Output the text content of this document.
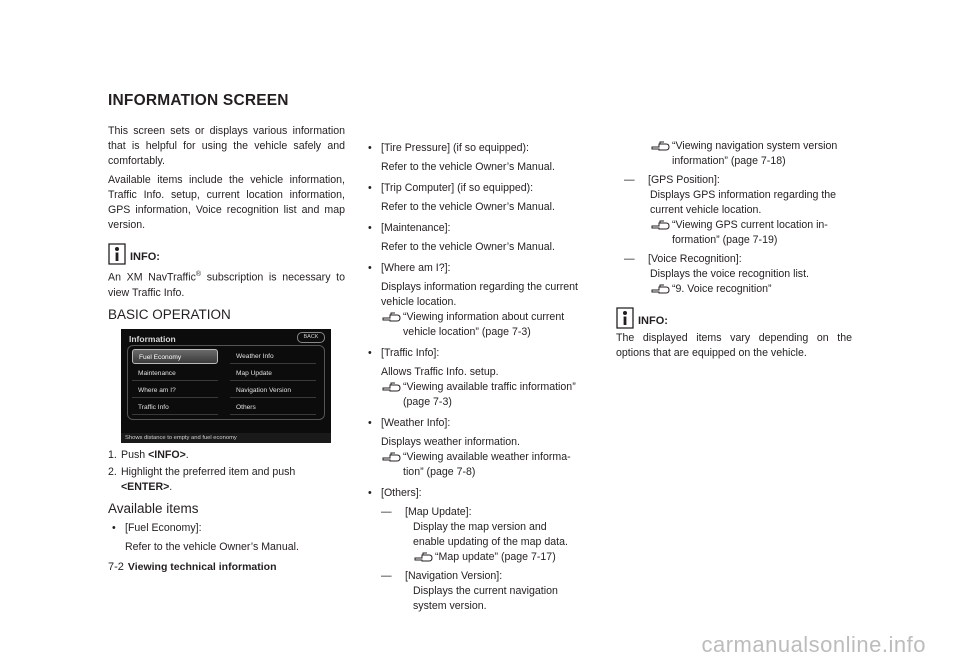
INFORMATION SCREEN

This screen sets or displays various information that is helpful for using the vehicle safely and comfortably.

Available items include the vehicle information, Traffic Info. setup, current location information, GPS information, Voice recognition list and map version.

INFO:

An XM NavTraffic® subscription is necessary to view Traffic Info.

BASIC OPERATION
Information	BACK
Fuel Economy
Maintenance
Where am I?
Traffic Info
Weather Info
Map Update
Navigation Version
Others
Shows distance to empty and fuel economy
1. Push <INFO>.
2. Highlight the preferred item and push
<ENTER>.
Available items
• [Fuel Economy]:
Refer to the vehicle Owner’s Manual.
• [Tire Pressure] (if so equipped):
Refer to the vehicle Owner’s Manual.
• [Trip Computer] (if so equipped):
Refer to the vehicle Owner’s Manual.
• [Maintenance]:
Refer to the vehicle Owner’s Manual.
• [Where am I?]:

Displays information regarding the current vehicle location.

“Viewing information about current vehicle location” (page 7-3)
• [Traffic Info]:
Allows Traffic Info. setup.
“Viewing available traffic information” (page 7-3)
• [Weather Info]:
Displays weather information.
“Viewing available weather informa- tion” (page 7-8)
• [Others]:
—	[Map Update]:
Display the map version and enable updating of the map data.
“Map update” (page 7-17)
—	[Navigation Version]:
Displays the current navigation system version.
“Viewing navigation system version information” (page 7-18)
—	[GPS Position]:
Displays GPS information regarding the current vehicle location.
“Viewing GPS current location in- formation” (page 7-19)
—	[Voice Recognition]:
Displays the voice recognition list.
“9. Voice recognition”
INFO:

The displayed items vary depending on the options that are equipped on the vehicle.

7-2 Viewing technical information
carmanualsonline.info
